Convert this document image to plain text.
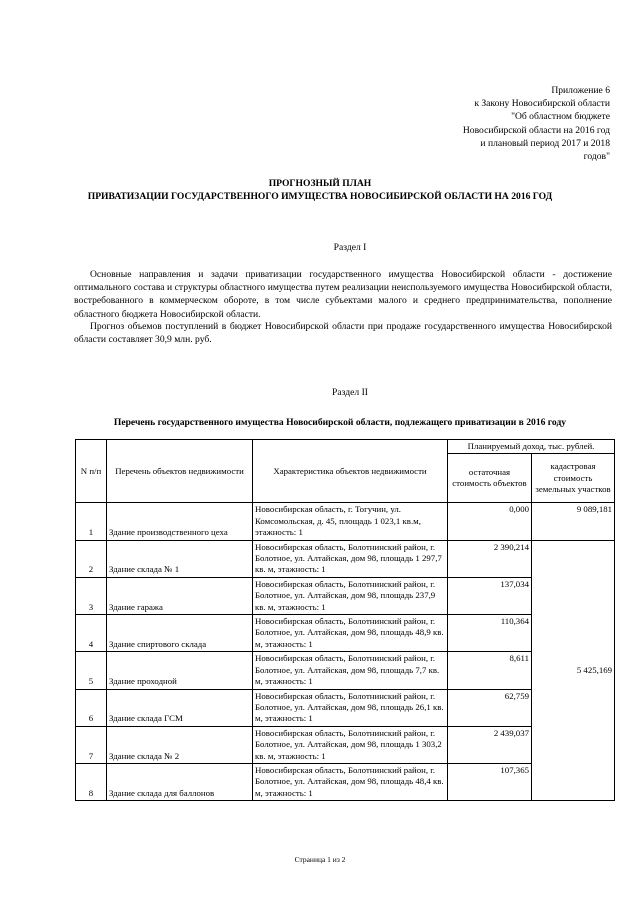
Приложение 6
к Закону Новосибирской области
"Об областном бюджете
Новосибирской области на 2016 год
и плановый период 2017 и 2018
годов"
ПРОГНОЗНЫЙ ПЛАН
ПРИВАТИЗАЦИИ ГОСУДАРСТВЕННОГО ИМУЩЕСТВА НОВОСИБИРСКОЙ ОБЛАСТИ НА 2016 ГОД
Раздел I

Основные направления и задачи приватизации государственного имущества Новосибирской области - достижение оптимального состава и структуры областного имущества путем реализации неиспользуемого имущества Новосибирской области, востребованного в коммерческом обороте, в том числе субъектами малого и среднего предпринимательства, пополнение областного бюджета Новосибирской области.

Прогноз объемов поступлений в бюджет Новосибирской области при продаже государственного имущества Новосибирской области составляет 30,9 млн. руб.

Раздел II
Перечень государственного имущества Новосибирской области, подлежащего приватизации в 2016 году
N п/п	Перечень объектов недвижимости	Характеристика объектов недвижимости	Планируемый доход, тыс. рублей.	
			остаточная стоимость объектов	кадастровая стоимость земельных участков
1	Здание производственного цеха	Новосибирская область, г. Тогучин, ул. Комсомольская, д. 45, площадь 1 023,1 кв.м, этажность: 1	0,000	9 089,181
2	Здание склада № 1	Новосибирская область, Болотнинский район, г. Болотное, ул. Алтайская, дом 98, площадь 1 297,7 кв. м, этажность: 1	2 390,214	5 425,169
3	Здание гаража	Новосибирская область, Болотнинский район, г. Болотное, ул. Алтайская, дом 98, площадь 237,9 кв. м, этажность: 1	137,034	
4	Здание спиртового склада	Новосибирская область, Болотнинский район, г. Болотное, ул. Алтайская, дом 98, площадь 48,9 кв. м, этажность: 1	110,364	
5	Здание проходной	Новосибирская область, Болотнинский район, г. Болотное, ул. Алтайская, дом 98, площадь 7,7 кв. м, этажность: 1	8,611	
6	Здание склада ГСМ	Новосибирская область, Болотнинский район, г. Болотное, ул. Алтайская, дом 98, площадь 26,1 кв. м, этажность: 1	62,759	
7	Здание склада № 2	Новосибирская область, Болотнинский район, г. Болотное, ул. Алтайская, дом 98, площадь 1 303,2 кв. м, этажность: 1	2 439,037	
8	Здание склада для баллонов	Новосибирская область, Болотнинский район, г. Болотное, ул. Алтайская, дом 98, площадь 48,4 кв. м, этажность: 1	107,365	
Страница 1 из 2
